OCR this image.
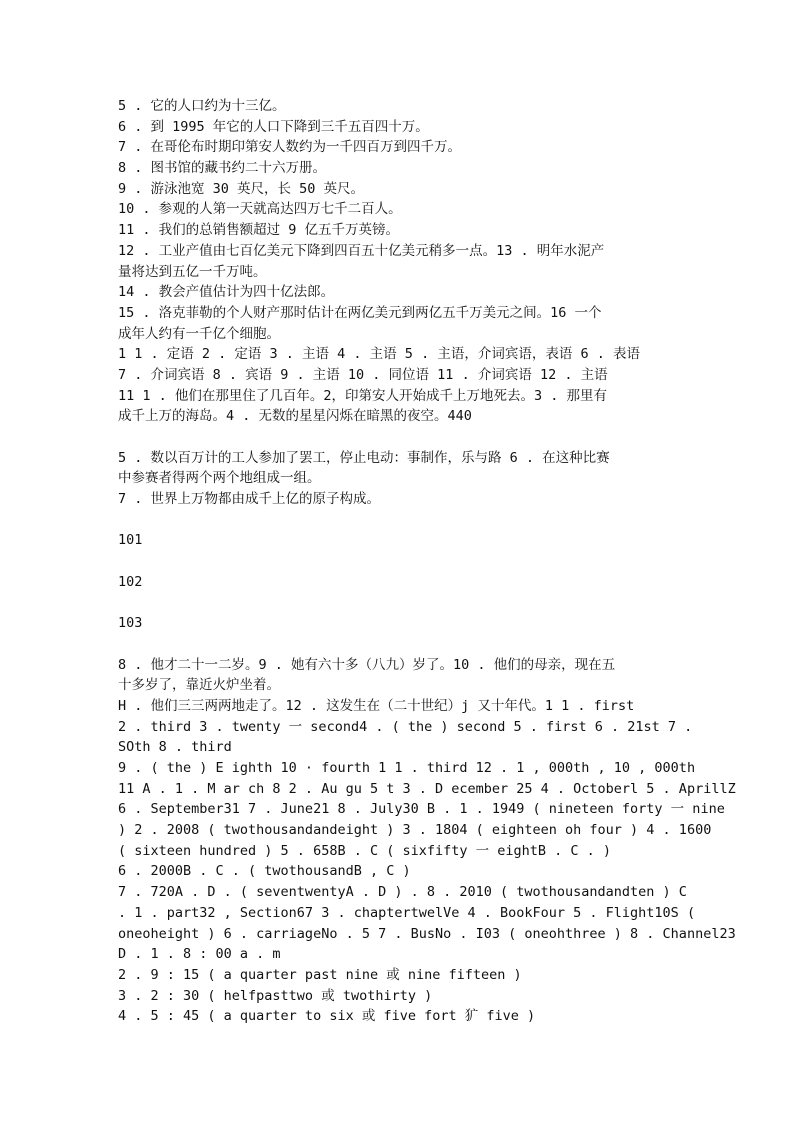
5 . 它的人口约为十三亿。
6 . 到 1995 年它的人口下降到三千五百四十万。
7 . 在哥伦布时期印第安人数约为一千四百万到四千万。
8 . 图书馆的藏书约二十六万册。
9 . 游泳池宽 30 英尺，长 50 英尺。
10 . 参观的人第一天就高达四万七千二百人。
11 . 我们的总销售额超过 9 亿五千万英镑。
12 . 工业产值由七百亿美元下降到四百五十亿美元稍多一点。13 . 明年水泥产
量将达到五亿一千万吨。
14 . 教会产值估计为四十亿法郎。
15 . 洛克菲勒的个人财产那时估计在两亿美元到两亿五千万美元之间。16 一个
成年人约有一千亿个细胞。
1 1 . 定语 2 . 定语 3 . 主语 4 . 主语 5 . 主语，介词宾语，表语 6 . 表语
7 . 介词宾语 8 . 宾语 9 . 主语 10 . 同位语 11 . 介词宾语 12 . 主语
11 1 . 他们在那里住了几百年。2，印第安人开始成千上万地死去。3 . 那里有
成千上万的海岛。4 . 无数的星星闪烁在暗黑的夜空。440
5 . 数以百万计的工人参加了罢工，停止电动：事制作，乐与路 6 . 在这种比赛
中参赛者得两个两个地组成一组。
7 . 世界上万物都由成千上亿的原子构成。
101
102
103
8 . 他才二十一二岁。9 . 她有六十多（八九）岁了。10 . 他们的母亲，现在五
十多岁了，靠近火炉坐着。
H . 他们三三两两地走了。12 . 这发生在（二十世纪）j 又十年代。1 1 . first
2 . third 3 . twenty 一 second4 . ( the ) second 5 . first 6 . 21st 7 .
SOth 8 . third
9 . ( the ) E ighth 10 · fourth 1 1 . third 12 . 1 , 000th , 10 , 000th
11 A . 1 . M ar ch 8 2 . Au gu 5 t 3 . D ecember 25 4 . Octoberl 5 . AprillZ
6 . September31 7 . June21 8 . July30 B . 1 . 1949 ( nineteen forty 一 nine
) 2 . 2008 ( twothousandandeight ) 3 . 1804 ( eighteen oh four ) 4 . 1600
( sixteen hundred ) 5 . 658B . C ( sixfifty 一 eightB . C . )
6 . 2000B . C . ( twothousandB , C )
7 . 720A . D . ( seventwentyA . D ) . 8 . 2010 ( twothousandandten ) C
. 1 . part32 , Section67 3 . chaptertwelVe 4 . BookFour 5 . Flight10S (
oneoheight ) 6 . carriageNo . 5 7 . BusNo . I03 ( oneohthree ) 8 . Channel23
D . 1 . 8 : 00 a . m
2 . 9 : 15 ( a quarter past nine 或 nine fifteen )
3 . 2 : 30 ( helfpasttwo 或 twothirty )
4 . 5 : 45 ( a quarter to six 或 five fort 犷 five )
